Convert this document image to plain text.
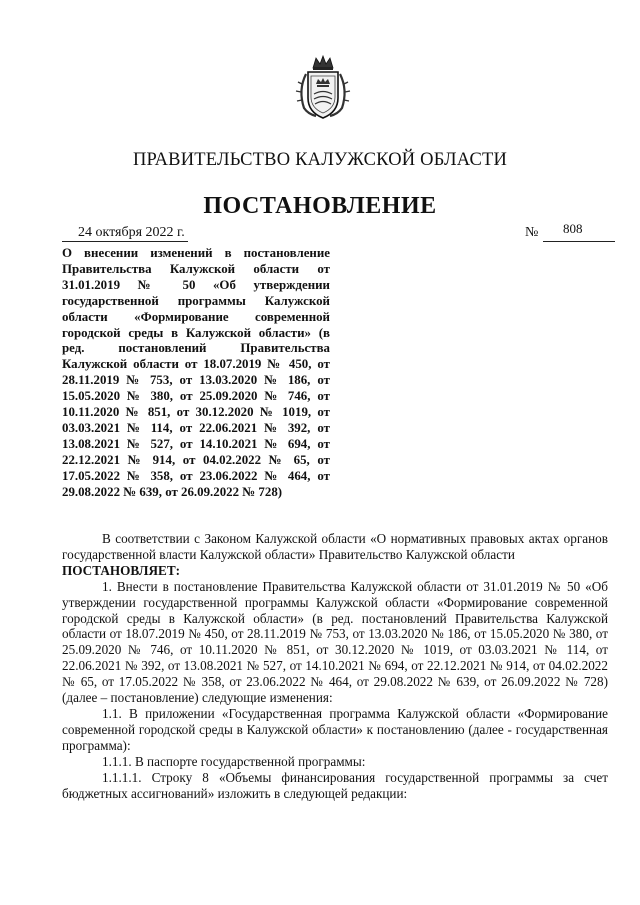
ПРАВИТЕЛЬСТВО КАЛУЖСКОЙ ОБЛАСТИ
ПОСТАНОВЛЕНИЕ
24 октября 2022 г.	№ 808
О внесении изменений в постановление Правительства Калужской области от 31.01.2019 № 50 «Об утверждении государственной программы Калужской области «Формирование современной городской среды в Калужской области» (в ред. постановлений Правительства Калужской области от 18.07.2019 № 450, от 28.11.2019 № 753, от 13.03.2020 № 186, от 15.05.2020 № 380, от 25.09.2020 № 746, от 10.11.2020 № 851, от 30.12.2020 № 1019, от 03.03.2021 № 114, от 22.06.2021 № 392, от 13.08.2021 № 527, от 14.10.2021 № 694, от 22.12.2021 № 914, от 04.02.2022 № 65, от 17.05.2022 № 358, от 23.06.2022 № 464, от 29.08.2022 № 639, от 26.09.2022 № 728)

В соответствии с Законом Калужской области «О нормативных правовых актах органов государственной власти Калужской области» Правительство Калужской области

ПОСТАНОВЛЯЕТ:

1. Внести в постановление Правительства Калужской области от 31.01.2019 № 50 «Об утверждении государственной программы Калужской области «Формирование современной городской среды в Калужской области» (в ред. постановлений Правительства Калужской области от 18.07.2019 № 450, от 28.11.2019 № 753, от 13.03.2020 № 186, от 15.05.2020 № 380, от 25.09.2020 № 746, от 10.11.2020 № 851, от 30.12.2020 № 1019, от 03.03.2021 № 114, от 22.06.2021 № 392, от 13.08.2021 № 527, от 14.10.2021 № 694, от 22.12.2021 № 914, от 04.02.2022 № 65, от 17.05.2022 № 358, от 23.06.2022 № 464, от 29.08.2022 № 639, от 26.09.2022 № 728) (далее – постановление) следующие изменения:

1.1. В приложении «Государственная программа Калужской области «Формирование современной городской среды в Калужской области» к постановлению (далее - государственная программа):

1.1.1. В паспорте государственной программы:

1.1.1.1. Строку 8 «Объемы финансирования государственной программы за счет бюджетных ассигнований» изложить в следующей редакции:
